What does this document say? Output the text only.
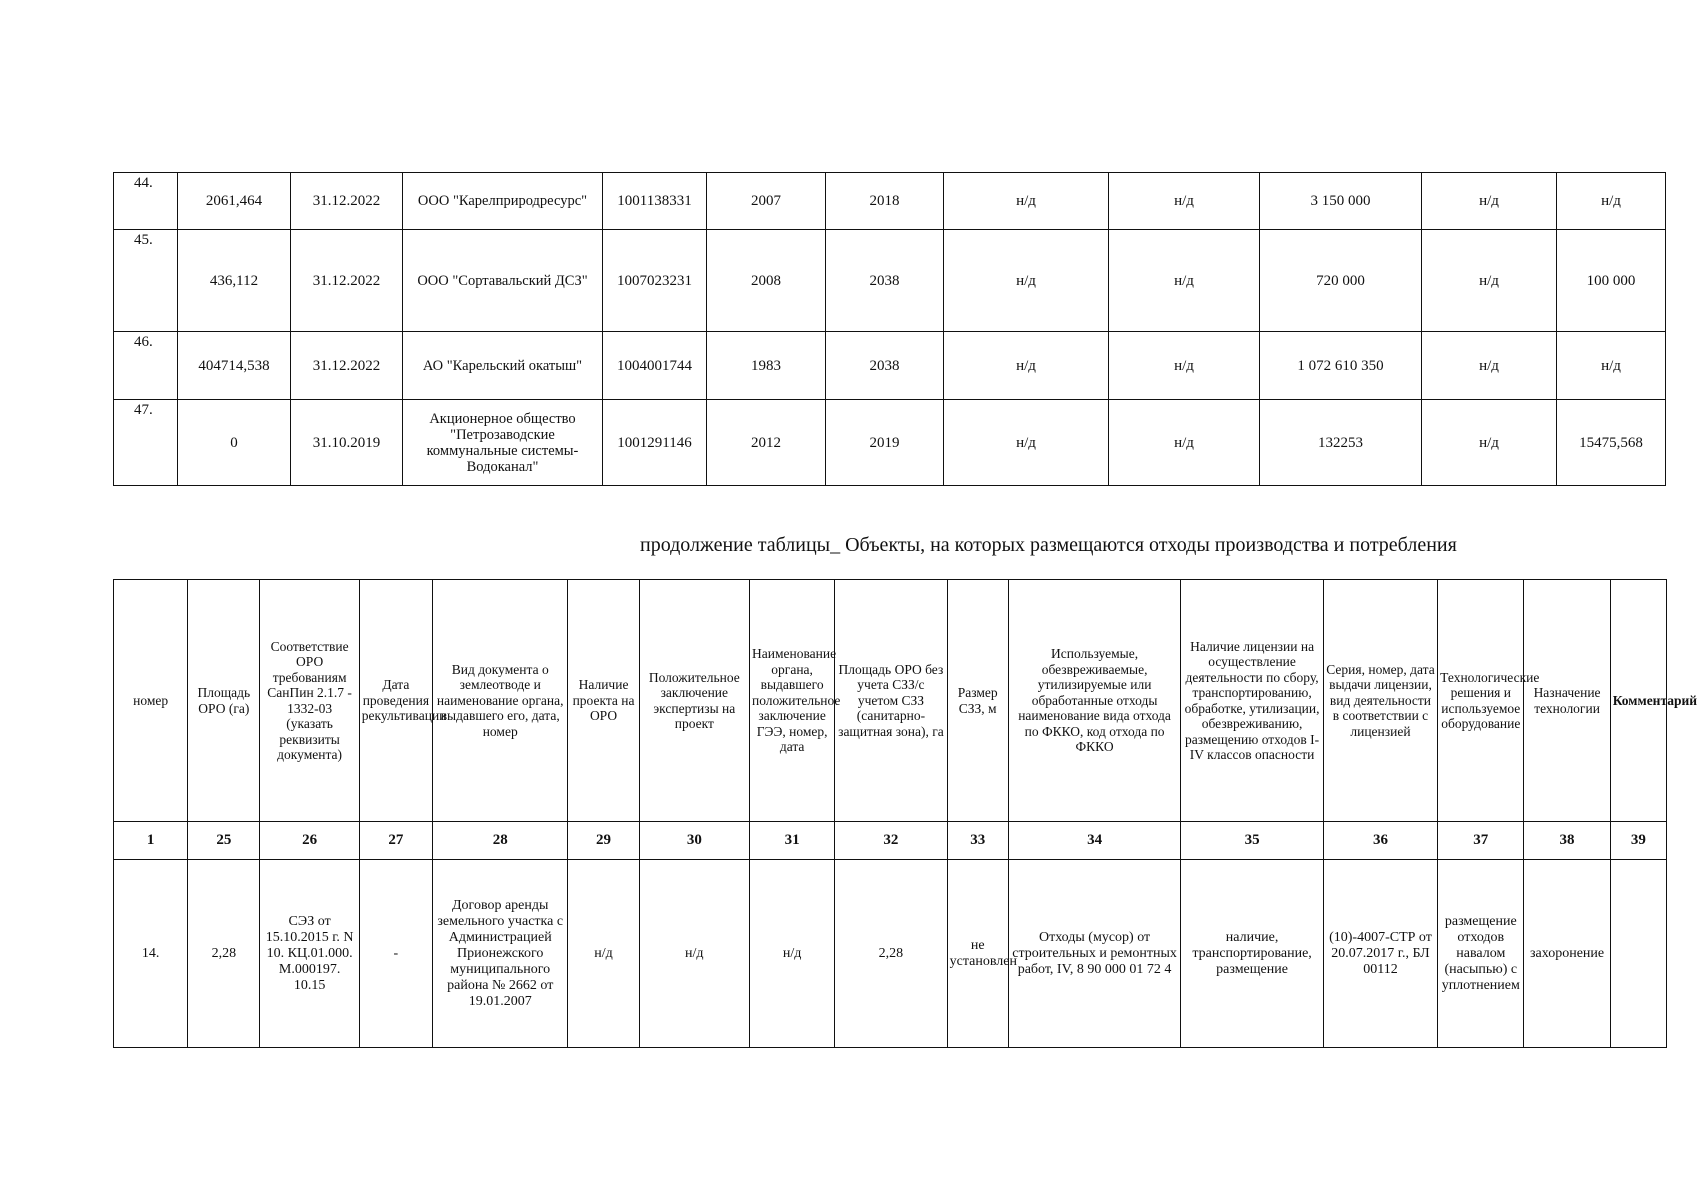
44.	2061,464	31.12.2022	ООО "Карелприродресурс"	1001138331	2007	2018	н/д	н/д	3 150 000	н/д	н/д
45.	436,112	31.12.2022	ООО "Сортавальский ДСЗ"	1007023231	2008	2038	н/д	н/д	720 000	н/д	100 000
46.	404714,538	31.12.2022	АО "Карельский окатыш"	1004001744	1983	2038	н/д	н/д	1 072 610 350	н/д	н/д
47.	0	31.10.2019	Акционерное общество "Петрозаводские коммунальные системы-Водоканал"	1001291146	2012	2019	н/д	н/д	132253	н/д	15475,568
продолжение таблицы_ Объекты, на которых размещаются отходы производства и потребления
номер	Площадь ОРО (га)	Соответствие ОРО требованиям СанПин 2.1.7 - 1332-03 (указать реквизиты документа)	Дата проведения рекультивации	Вид документа о землеотводе и наименование органа, выдавшего его, дата, номер	Наличие проекта на ОРО	Положительное заключение экспертизы на проект	Наименование органа, выдавшего положительное заключение ГЭЭ, номер, дата	Площадь ОРО без учета СЗЗ/с учетом СЗЗ (санитарно-защитная зона), га	Размер СЗЗ, м	Используемые, обезвреживаемые, утилизируемые или обработанные отходы наименование вида отхода по ФККО, код отхода по ФККО	Наличие лицензии на осуществление деятельности по сбору, транспортированию, обработке, утилизации, обезвреживанию, размещению отходов I-IV классов опасности	Серия, номер, дата выдачи лицензии, вид деятельности в соответствии с лицензией	Технологические решения и используемое оборудование	Назначение технологии	Комментарий
1	25	26	27	28	29	30	31	32	33	34	35	36	37	38	39
14.	2,28	СЭЗ от 15.10.2015 г. N 10. КЦ.01.000. М.000197. 10.15	-	Договор аренды земельного участка с Администрацией Прионежского муниципального района № 2662 от 19.01.2007	н/д	н/д	н/д	2,28	не установлен	Отходы (мусор) от строительных и ремонтных работ, IV, 8 90 000 01 72 4	наличие, транспортирование, размещение	(10)-4007-СТР от 20.07.2017 г., БЛ 00112	размещение отходов навалом (насыпью) с уплотнением	захоронение	
